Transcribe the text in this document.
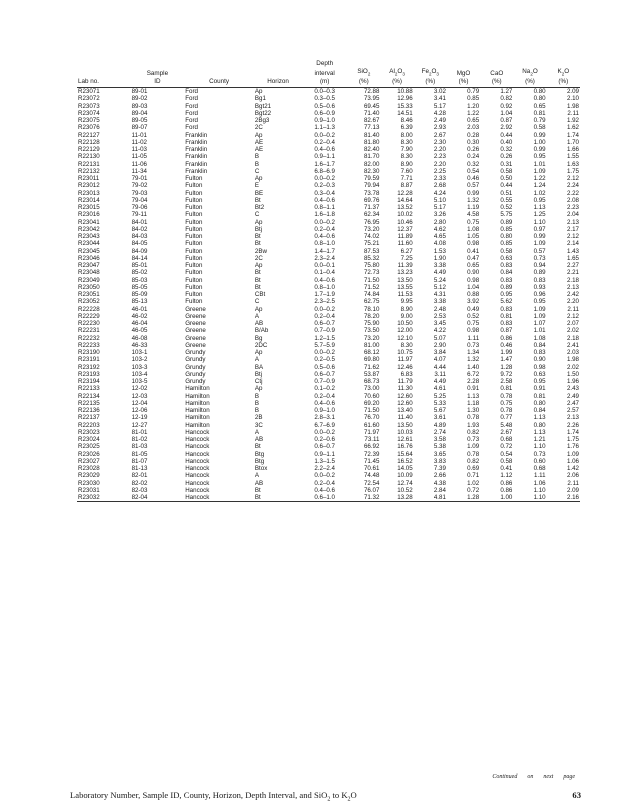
				Depth							
	Sample			interval	SiO$_2$	$Al_2O_3$	$Fe_2O_3$	MgO	CaO	$Na_2O$	$K_2O$
Lab no.	ID	County	Horizon	(m)	(%)	(%)	(%)	(%)	(%)	(%)	(%)
R23071	89-01	Ford	Ap	0.0–0.3	72.88	10.88	3.02	0.79	1.27	0.80	2.09
R23072	89-02	Ford	Bg1	0.3–0.5	73.95	12.96	3.41	0.85	0.82	0.80	2.10
R23073	89-03	Ford	Bgt21	0.5–0.6	69.45	15.33	5.17	1.20	0.92	0.65	1.98
R23074	89-04	Ford	Bgt22	0.6–0.9	71.40	14.51	4.28	1.22	1.04	0.81	2.11
R23075	89-05	Ford	2Bg3	0.9–1.0	82.67	8.46	2.49	0.65	0.87	0.79	1.92
R23076	89-07	Ford	2C	1.1–1.3	77.13	6.39	2.93	2.03	2.92	0.58	1.62
R22127	11-01	Franklin	Ap	0.0–0.2	81.40	8.00	2.67	0.28	0.44	0.99	1.74
R22128	11-02	Franklin	AE	0.2–0.4	81.80	8.30	2.30	0.30	0.40	1.00	1.70
R22129	11-03	Franklin	AE	0.4–0.6	82.40	7.90	2.20	0.26	0.32	0.99	1.66
R22130	11-05	Franklin	B	0.9–1.1	81.70	8.30	2.23	0.24	0.26	0.95	1.55
R22131	11-06	Franklin	B	1.6–1.7	82.00	8.90	2.20	0.32	0.31	1.01	1.63
R22132	11-34	Franklin	C	6.8–6.9	82.30	7.60	2.25	0.54	0.58	1.09	1.75
R23011	79-01	Fulton	Ap	0.0–0.2	79.59	7.71	2.33	0.46	0.50	1.22	2.12
R23012	79-02	Fulton	E	0.2–0.3	79.94	8.87	2.68	0.57	0.44	1.24	2.24
R23013	79-03	Fulton	BE	0.3–0.4	73.78	12.28	4.24	0.99	0.51	1.02	2.22
R23014	79-04	Fulton	Bt	0.4–0.6	69.76	14.64	5.10	1.32	0.55	0.95	2.08
R23015	79-06	Fulton	Bt2	0.8–1.1	71.37	13.52	5.17	1.19	0.52	1.13	2.23
R23016	79-11	Fulton	C	1.6–1.8	62.34	10.02	3.26	4.58	5.75	1.25	2.04
R23041	84-01	Fulton	Ap	0.0–0.2	76.95	10.46	2.80	0.75	0.89	1.10	2.13
R23042	84-02	Fulton	Btj	0.2–0.4	73.20	12.37	4.62	1.08	0.85	0.97	2.17
R23043	84-03	Fulton	Bt	0.4–0.6	74.02	11.89	4.65	1.05	0.80	0.99	2.12
R23044	84-05	Fulton	Bt	0.8–1.0	75.21	11.60	4.08	0.98	0.85	1.09	2.14
R23045	84-09	Fulton	2Bw	1.4–1.7	87.53	6.27	1.53	0.41	0.58	0.57	1.43
R23046	84-14	Fulton	2C	2.3–2.4	85.32	7.25	1.90	0.47	0.63	0.73	1.65
R23047	85-01	Fulton	Ap	0.0–0.1	75.80	11.39	3.38	0.65	0.83	0.94	2.27
R23048	85-02	Fulton	Bt	0.1–0.4	72.73	13.23	4.49	0.90	0.84	0.89	2.21
R23049	85-03	Fulton	Bt	0.4–0.6	71.50	13.50	5.24	0.98	0.83	0.83	2.18
R23050	85-05	Fulton	Bt	0.8–1.0	71.52	13.55	5.12	1.04	0.89	0.93	2.13
R23051	85-09	Fulton	CBt	1.7–1.9	74.84	11.53	4.31	0.88	0.95	0.96	2.42
R23052	85-13	Fulton	C	2.3–2.5	62.75	9.95	3.38	3.92	5.62	0.95	2.20
R22228	46-01	Greene	Ap	0.0–0.2	78.10	8.90	2.48	0.49	0.83	1.09	2.11
R22229	46-02	Greene	A	0.2–0.4	78.20	9.00	2.53	0.52	0.81	1.09	2.12
R22230	46-04	Greene	AB	0.6–0.7	75.90	10.50	3.45	0.75	0.83	1.07	2.07
R22231	46-05	Greene	B/Ab	0.7–0.9	73.50	12.00	4.22	0.98	0.87	1.01	2.02
R22232	46-08	Greene	Bg	1.2–1.5	73.20	12.10	5.07	1.11	0.86	1.08	2.18
R22233	46-33	Greene	2DC	5.7–5.9	81.00	8.30	2.90	0.73	0.46	0.84	2.41
R23190	103-1	Grundy	Ap	0.0–0.2	68.12	10.75	3.84	1.34	1.99	0.83	2.03
R23191	103-2	Grundy	A	0.2–0.5	69.80	11.97	4.07	1.32	1.47	0.90	1.98
R23192	103-3	Grundy	BA	0.5–0.6	71.62	12.46	4.44	1.40	1.28	0.98	2.02
R23193	103-4	Grundy	Btj	0.6–0.7	53.87	6.83	3.11	6.72	9.72	0.63	1.50
R23194	103-5	Grundy	Ctj	0.7–0.9	68.73	11.79	4.49	2.28	2.58	0.95	1.96
R22133	12-02	Hamilton	Ap	0.1–0.2	73.00	11.30	4.61	0.91	0.81	0.91	2.43
R22134	12-03	Hamilton	B	0.2–0.4	70.60	12.60	5.25	1.13	0.78	0.81	2.49
R22135	12-04	Hamilton	B	0.4–0.6	69.20	12.60	5.33	1.18	0.75	0.80	2.47
R22136	12-06	Hamilton	B	0.9–1.0	71.50	13.40	5.67	1.30	0.78	0.84	2.57
R22137	12-19	Hamilton	2B	2.8–3.1	76.70	11.40	3.61	0.78	0.77	1.13	2.13
R22203	12-27	Hamilton	3C	6.7–6.9	61.60	13.50	4.89	1.93	5.48	0.80	2.26
R23023	81-01	Hancock	A	0.0–0.2	71.97	10.03	2.74	0.82	2.67	1.13	1.74
R23024	81-02	Hancock	AB	0.2–0.6	73.11	12.61	3.58	0.73	0.68	1.21	1.75
R23025	81-03	Hancock	Bt	0.6–0.7	66.92	16.76	5.38	1.09	0.72	1.10	1.76
R23026	81-05	Hancock	Btg	0.9–1.1	72.39	15.64	3.65	0.78	0.54	0.73	1.09
R23027	81-07	Hancock	Btg	1.3–1.5	71.45	16.52	3.83	0.82	0.58	0.60	1.06
R23028	81-13	Hancock	Btox	2.2–2.4	70.61	14.05	7.39	0.69	0.41	0.68	1.42
R23029	82-01	Hancock	A	0.0–0.2	74.48	10.09	2.66	0.71	1.12	1.11	2.06
R23030	82-02	Hancock	AB	0.2–0.4	72.54	12.74	4.38	1.02	0.86	1.06	2.11
R23031	82-03	Hancock	Bt	0.4–0.6	76.07	10.52	2.84	0.72	0.86	1.10	2.09
R23032	82-04	Hancock	Bt	0.6–1.0	71.32	13.28	4.81	1.28	1.00	1.10	2.16
Continued on next page
Laboratory Number, Sample ID, County, Horizon, Depth Interval, and SiO$_2$ to $K_2O$	63
